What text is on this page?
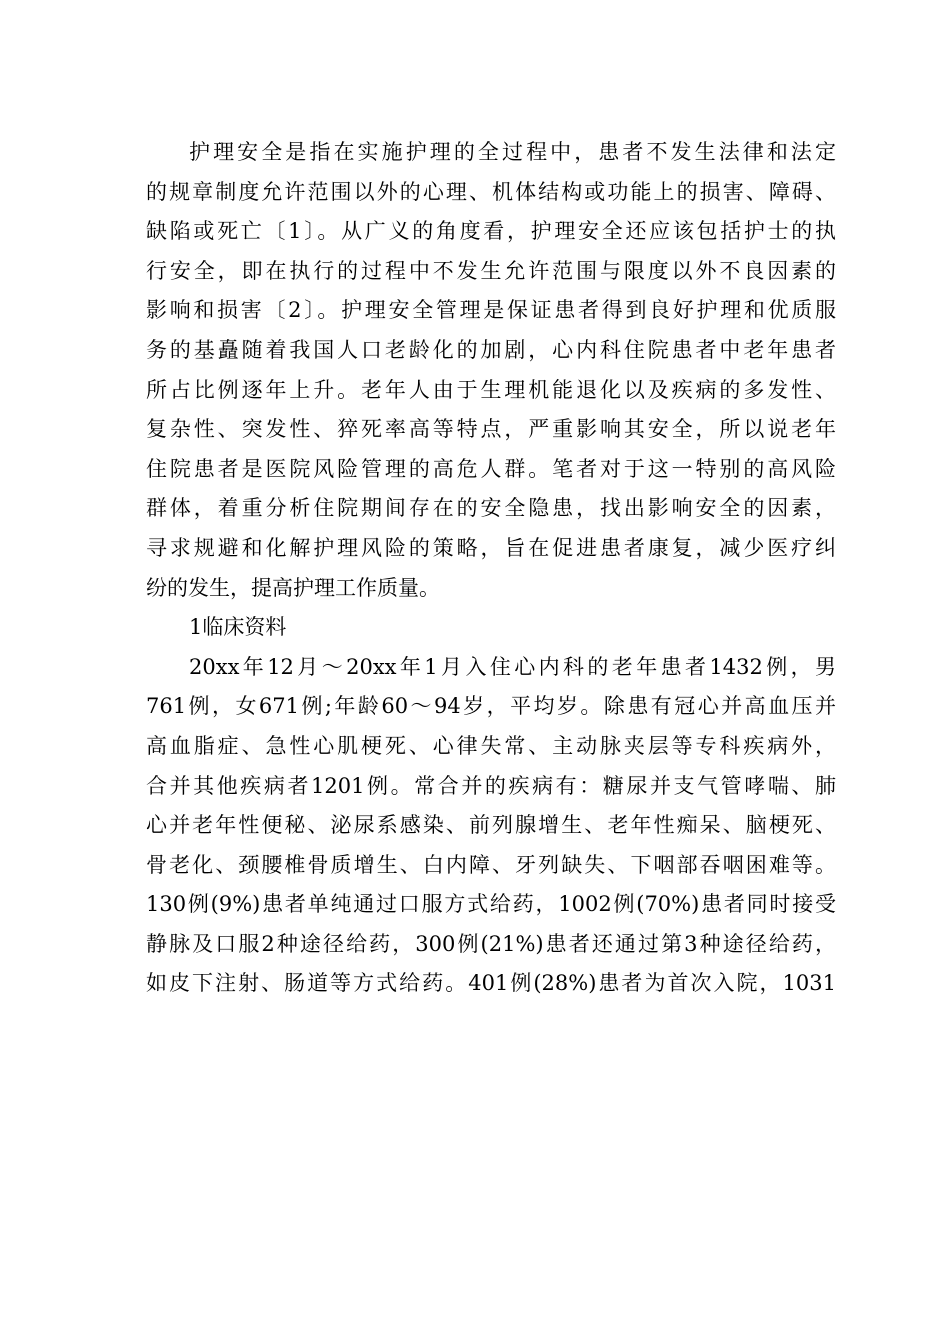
护理安全是指在实施护理的全过程中，患者不发生法律和法定
的规章制度允许范围以外的心理、机体结构或功能上的损害、障碍、
缺陷或死亡〔1〕。从广义的角度看，护理安全还应该包括护士的执
行安全，即在执行的过程中不发生允许范围与限度以外不良因素的
影响和损害〔2〕。护理安全管理是保证患者得到良好护理和优质服
务的基矗随着我国人口老龄化的加剧，心内科住院患者中老年患者
所占比例逐年上升。老年人由于生理机能退化以及疾病的多发性、
复杂性、突发性、猝死率高等特点，严重影响其安全，所以说老年
住院患者是医院风险管理的高危人群。笔者对于这一特别的高风险
群体，着重分析住院期间存在的安全隐患，找出影响安全的因素，
寻求规避和化解护理风险的策略，旨在促进患者康复，减少医疗纠
纷的发生，提高护理工作质量。
1临床资料
20xx年12月～20xx年1月入住心内科的老年患者1432例，男
761例，女671例;年龄60～94岁，平均岁。除患有冠心并高血压并
高血脂症、急性心肌梗死、心律失常、主动脉夹层等专科疾病外，
合并其他疾病者1201例。常合并的疾病有：糖尿并支气管哮喘、肺
心并老年性便秘、泌尿系感染、前列腺增生、老年性痴呆、脑梗死、
骨老化、颈腰椎骨质增生、白内障、牙列缺失、下咽部吞咽困难等。
130例(9%)患者单纯通过口服方式给药，1002例(70%)患者同时接受
静脉及口服2种途径给药，300例(21%)患者还通过第3种途径给药，
如皮下注射、肠道等方式给药。401例(28%)患者为首次入院，1031
